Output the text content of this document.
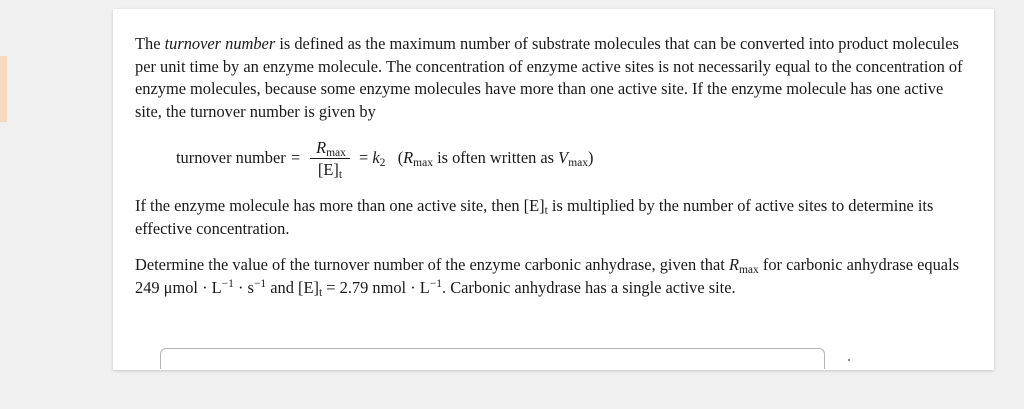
The turnover number is defined as the maximum number of substrate molecules that can be converted into product molecules per unit time by an enzyme molecule. The concentration of enzyme active sites is not necessarily equal to the concentration of enzyme molecules, because some enzyme molecules have more than one active site. If the enzyme molecule has one active site, the turnover number is given by

turnover number =
$R_{max}$
$[E]_t$
= $k_2$ ($R_{max}$ is often written as $V_{max}$)

If the enzyme molecule has more than one active site, then $[E]_t$ is multiplied by the number of active sites to determine its effective concentration.

Determine the value of the turnover number of the enzyme carbonic anhydrase, given that $R_{max}$ for carbonic anhydrase equals 249 $\mu mol \cdot L^{-1} \cdot s^{-1}$ and $[E]_t = 2.79$ nmol · $L^{-1}$. Carbonic anhydrase has a single active site.
